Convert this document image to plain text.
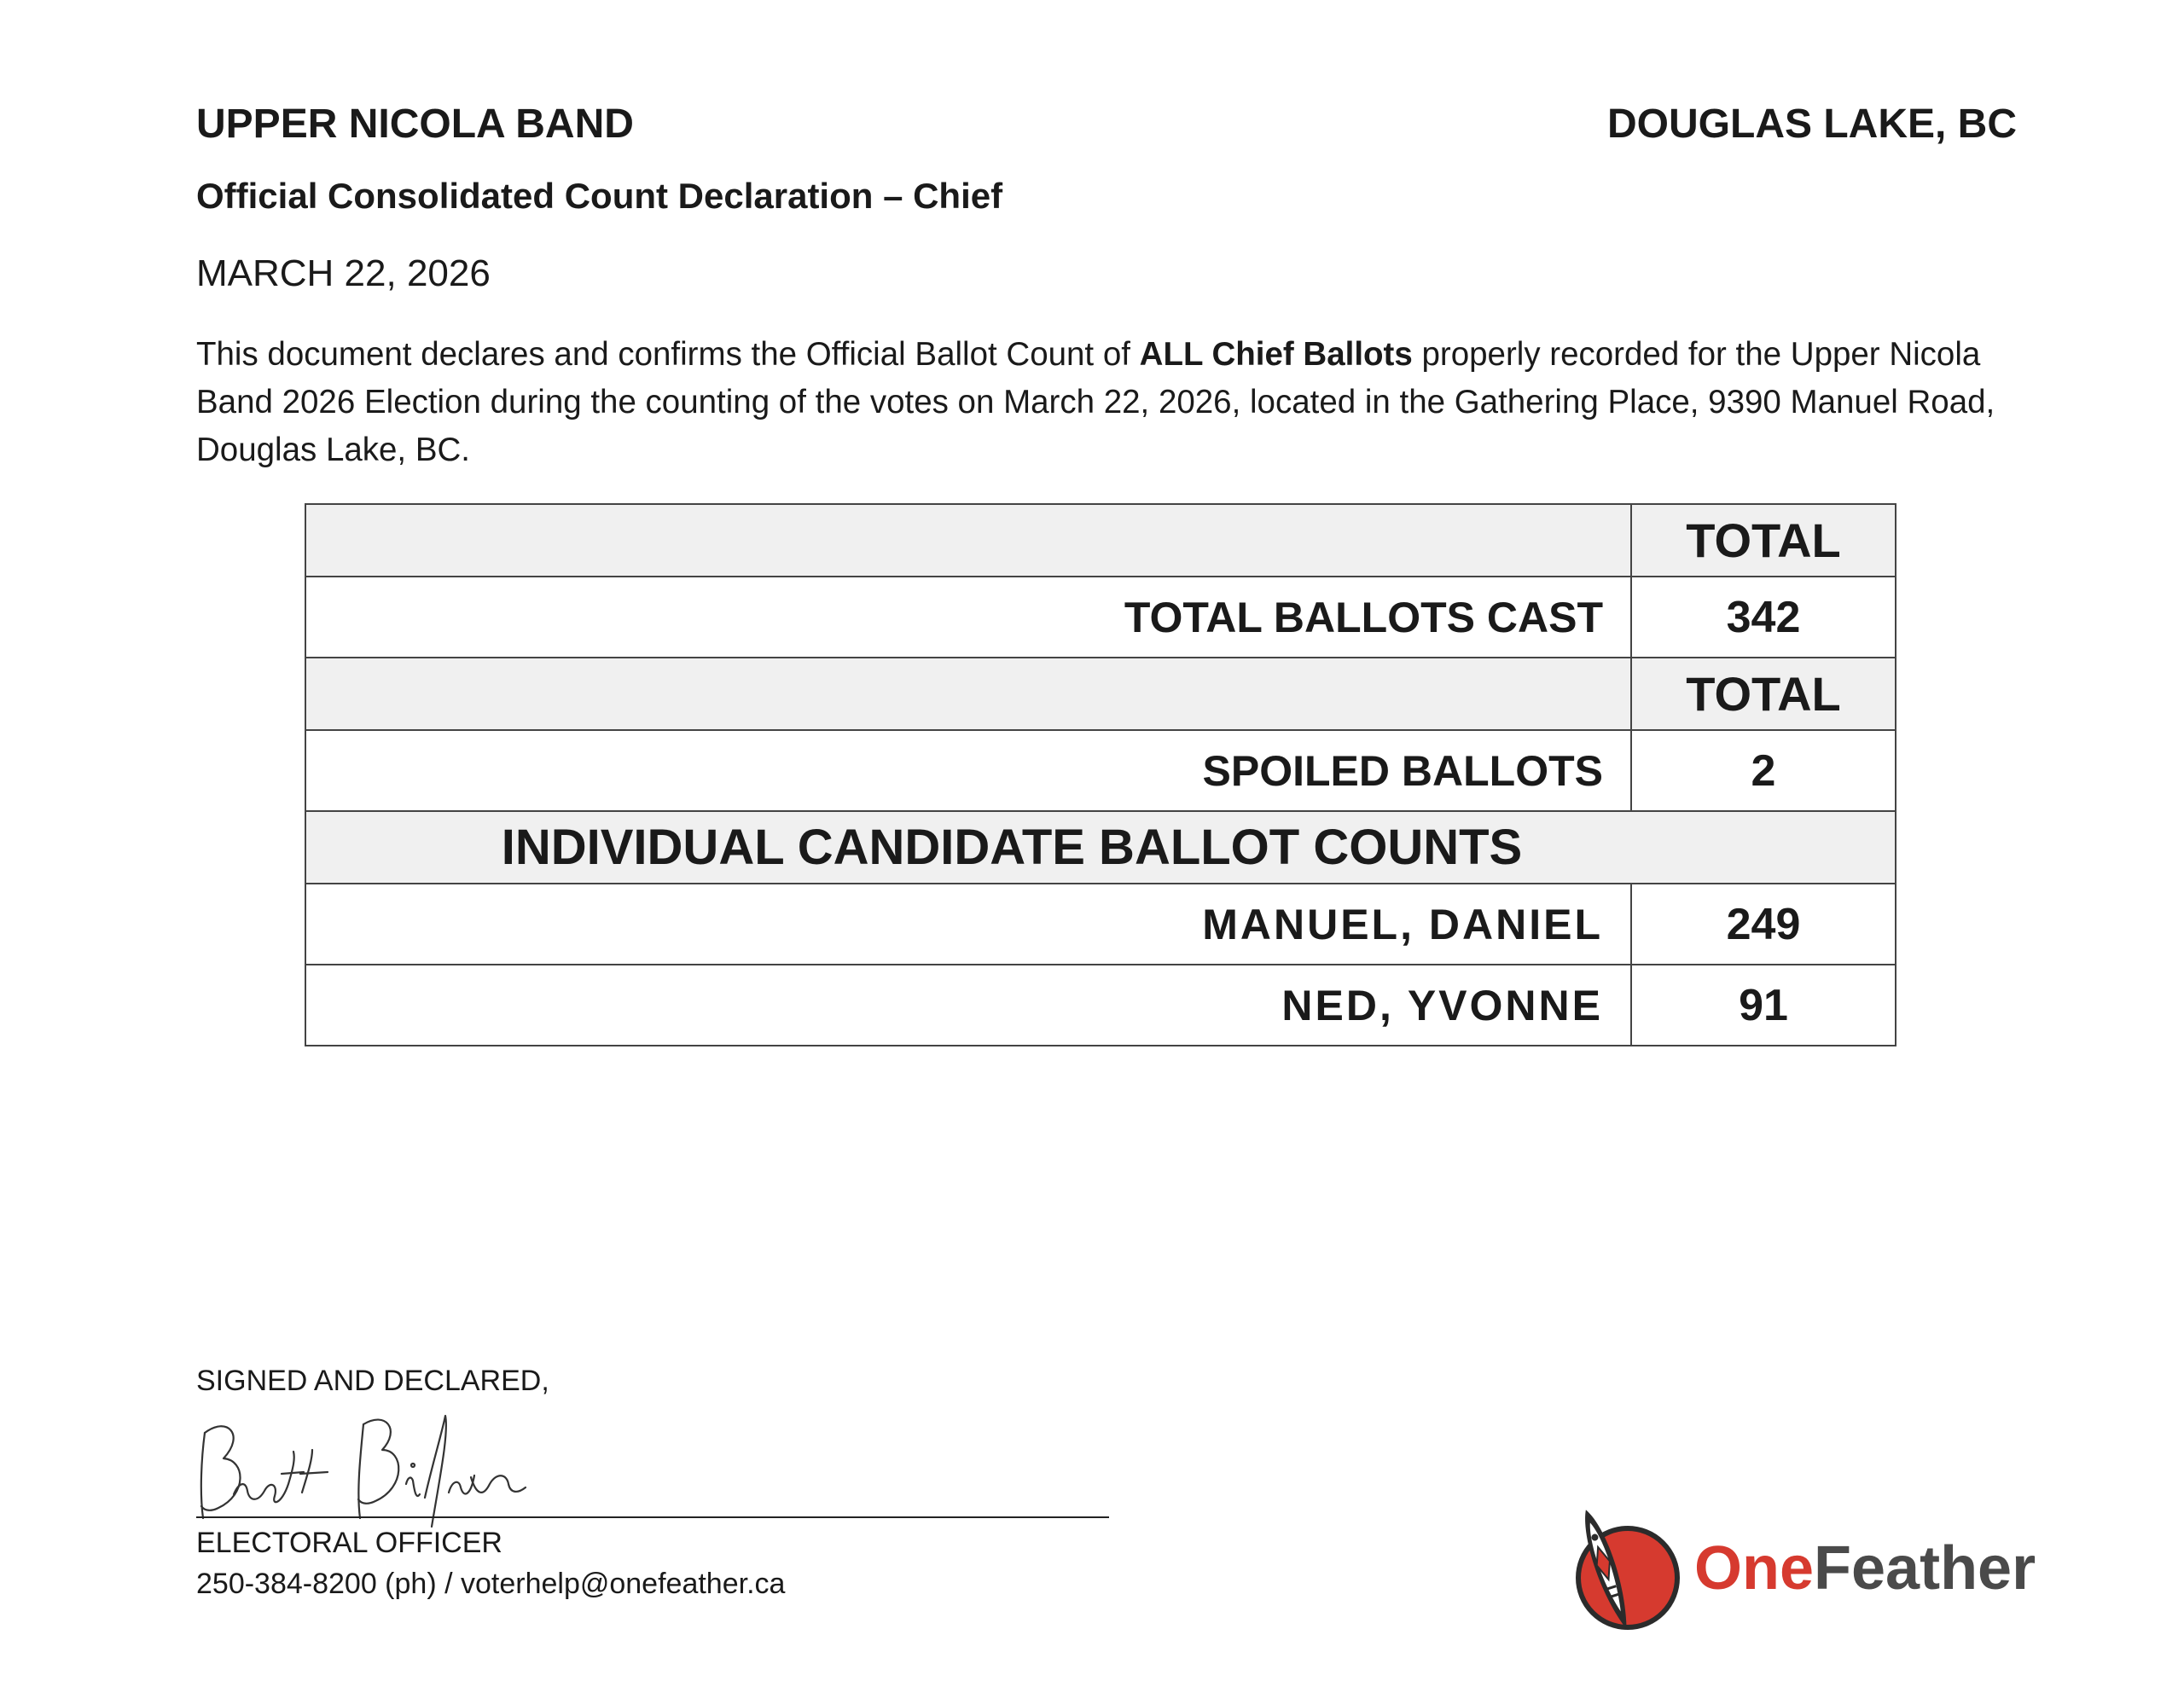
UPPER NICOLA BAND	DOUGLAS LAKE, BC
Official Consolidated Count Declaration – Chief
MARCH 22, 2026
This document declares and confirms the Official Ballot Count of ALL Chief Ballots properly recorded for the Upper Nicola Band 2026 Election during the counting of the votes on March 22, 2026, located in the Gathering Place, 9390 Manuel Road, Douglas Lake, BC.
	TOTAL
TOTAL BALLOTS CAST	342
	TOTAL
SPOILED BALLOTS	2
INDIVIDUAL CANDIDATE BALLOT COUNTS	
MANUEL, DANIEL	249
NED, YVONNE	91
SIGNED AND DECLARED,
ELECTORAL OFFICER
250-384-8200 (ph) / voterhelp@onefeather.ca	OneFeather
